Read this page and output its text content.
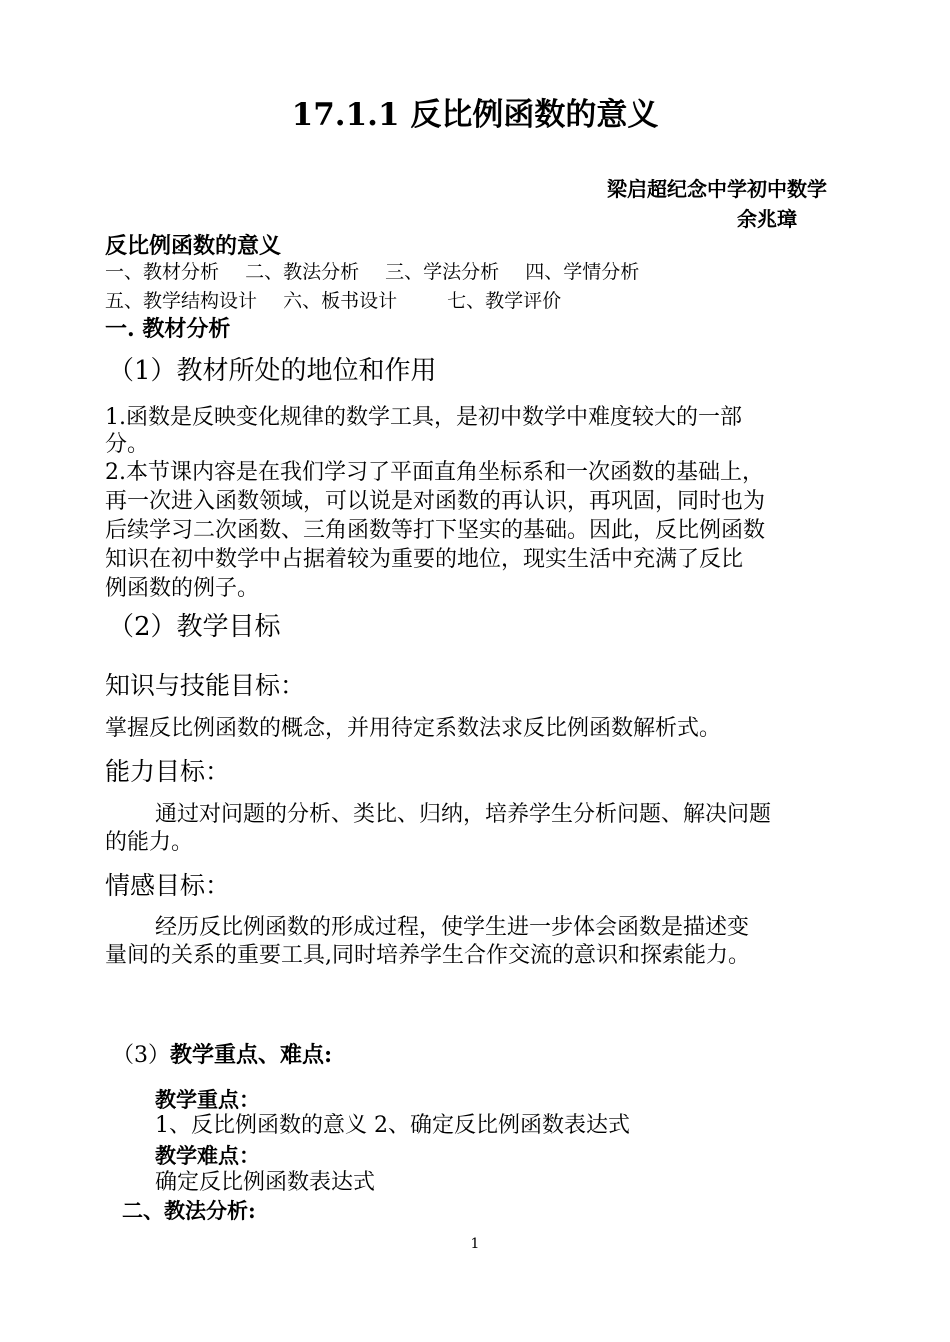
17.1.1 反比例函数的意义
梁启超纪念中学初中数学
余兆璋
反比例函数的意义
一、教材分析 二、教法分析 三、学法分析 四、学情分析
五、教学结构设计 六、板书设计	七、教学评价
一. 教材分析
（1）教材所处的地位和作用
1.函数是反映变化规律的数学工具，是初中数学中难度较大的一部
分。
2.本节课内容是在我们学习了平面直角坐标系和一次函数的基础上，
再一次进入函数领域，可以说是对函数的再认识，再巩固，同时也为
后续学习二次函数、三角函数等打下坚实的基础。因此，反比例函数
知识在初中数学中占据着较为重要的地位，现实生活中充满了反比
例函数的例子。
（2）教学目标
知识与技能目标：
掌握反比例函数的概念，并用待定系数法求反比例函数解析式。
能力目标：
通过对问题的分析、类比、归纳，培养学生分析问题、解决问题
的能力。
情感目标：
经历反比例函数的形成过程，使学生进一步体会函数是描述变
量间的关系的重要工具,同时培养学生合作交流的意识和探索能力。
（3）教学重点、难点:
教学重点：
1、反比例函数的意义 2、确定反比例函数表达式
教学难点：
确定反比例函数表达式
二、教法分析:
1
